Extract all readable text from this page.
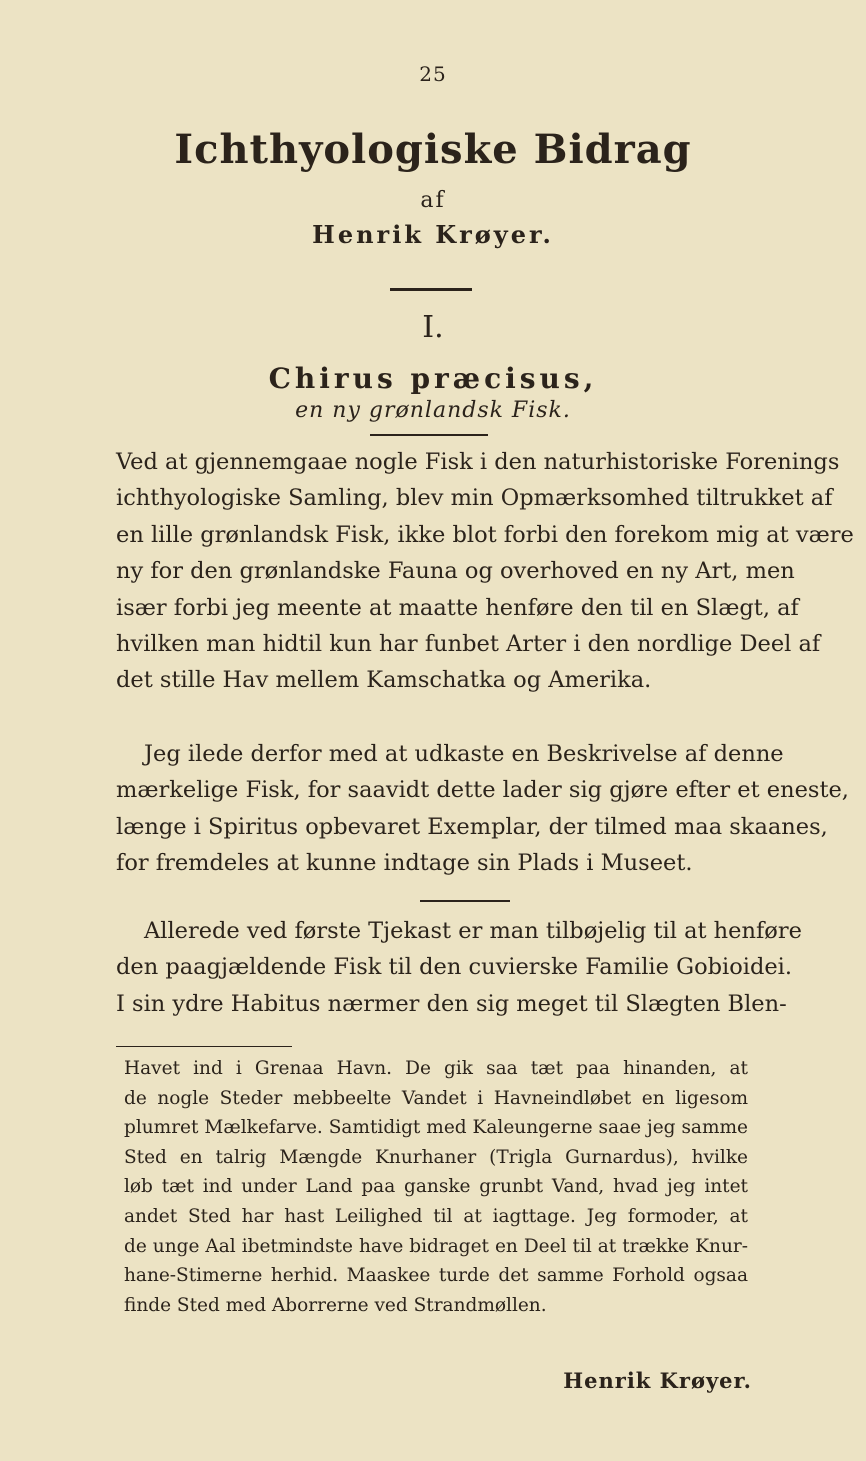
25
Ichthyologiske Bidrag
af
Henrik Krøyer.
I.
Chirus præcisus,
en ny grønlandsk Fisk.
Ved at gjennemgaae nogle Fisk i den naturhistoriske Forenings
ichthyologiske Samling, blev min Opmærksomhed tiltrukket af
en lille grønlandsk Fisk, ikke blot forbi den forekom mig at være
ny for den grønlandske Fauna og overhoved en ny Art, men
især forbi jeg meente at maatte henføre den til en Slægt, af
hvilken man hidtil kun har funbet Arter i den nordlige Deel af
det stille Hav mellem Kamschatka og Amerika.
Jeg ilede derfor med at udkaste en Beskrivelse af denne
mærkelige Fisk, for saavidt dette lader sig gjøre efter et eneste,
længe i Spiritus opbevaret Exemplar, der tilmed maa skaanes,
for fremdeles at kunne indtage sin Plads i Museet.
Allerede ved første Tjekast er man tilbøjelig til at henføre
den paagjældende Fisk til den cuvierske Familie Gobioidei.
I sin ydre Habitus nærmer den sig meget til Slægten Blen-
Havet ind i Grenaa Havn. De gik saa tæt paa hinanden, at
de nogle Steder mebbeelte Vandet i Havneindløbet en ligesom
plumret Mælkefarve. Samtidigt med Kaleungerne saae jeg samme
Sted en talrig Mængde Knurhaner (Trigla Gurnardus), hvilke
løb tæt ind under Land paa ganske grunbt Vand, hvad jeg intet
andet Sted har hast Leilighed til at iagttage. Jeg formoder, at
de unge Aal ibetmindste have bidraget en Deel til at trække Knur-
hane-Stimerne herhid. Maaskee turde det samme Forhold ogsaa
finde Sted med Aborrerne ved Strandmøllen.
Henrik Krøyer.
